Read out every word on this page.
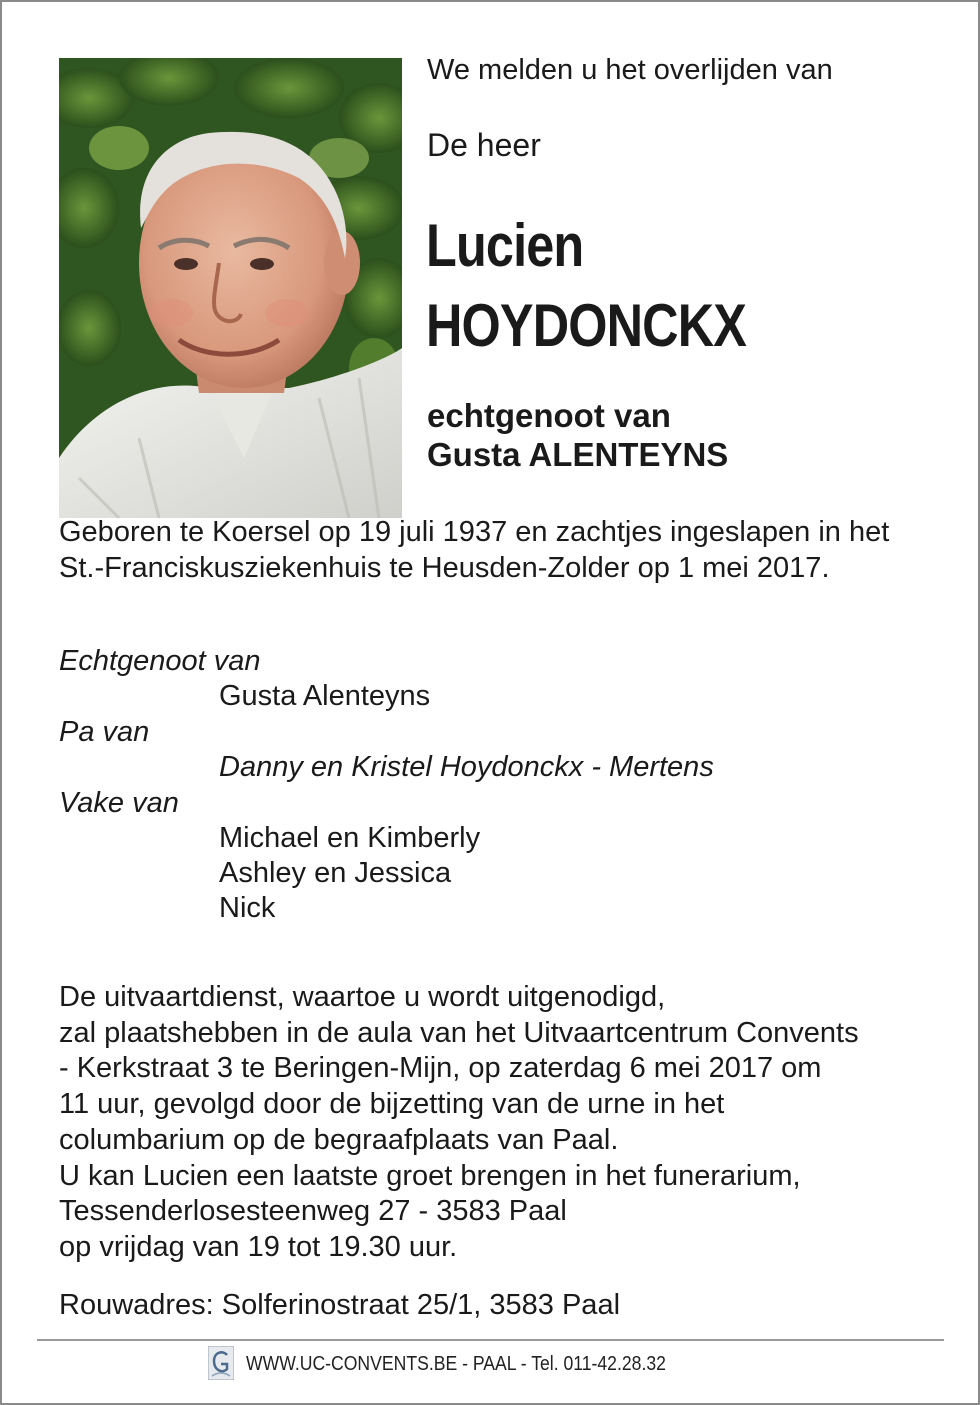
We melden u het overlijden van
De heer
Lucien
HOYDONCKX
echtgenoot van
Gusta ALENTEYNS
Geboren te Koersel op 19 juli 1937 en zachtjes ingeslapen in het St.-Franciskusziekenhuis te Heusden-Zolder op 1 mei 2017.
Echtgenoot van
Gusta Alenteyns
Pa van
Danny en Kristel Hoydonckx - Mertens
Vake van
Michael en Kimberly
Ashley en Jessica
Nick
De uitvaartdienst, waartoe u wordt uitgenodigd,
zal plaatshebben in de aula van het Uitvaartcentrum Convents
- Kerkstraat 3 te Beringen-Mijn, op zaterdag 6 mei 2017 om
11 uur, gevolgd door de bijzetting van de urne in het
columbarium op de begraafplaats van Paal.
U kan Lucien een laatste groet brengen in het funerarium,
Tessenderlosesteenweg 27 - 3583 Paal
op vrijdag van 19 tot 19.30 uur.
Rouwadres: Solferinostraat 25/1, 3583 Paal
WWW.UC-CONVENTS.BE - PAAL - Tel. 011-42.28.32
